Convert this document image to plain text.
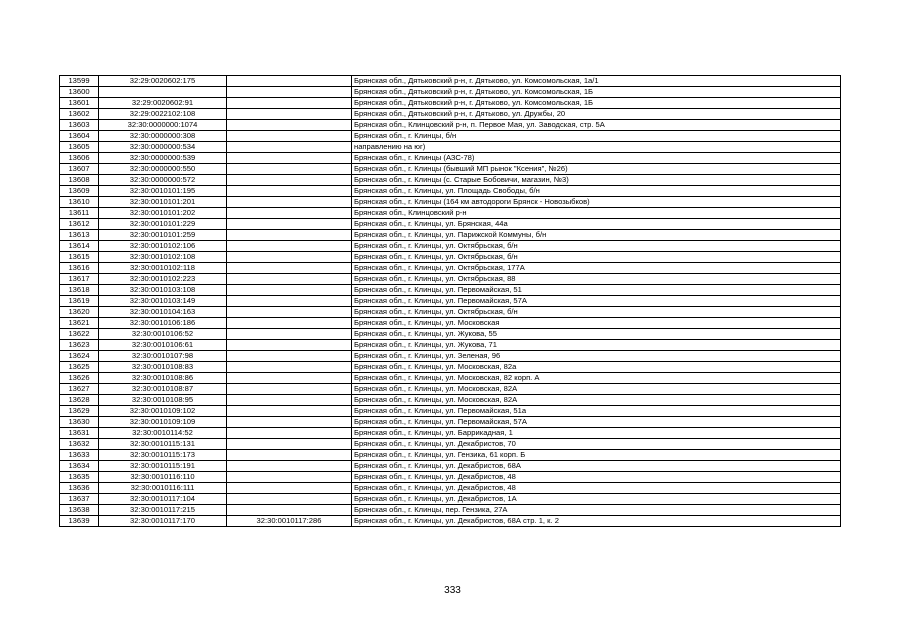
13599	32:29:0020602:175		Брянская обл., Дятьковский р-н, г. Дятьково, ул. Комсомольская, 1а/1
13600			Брянская обл., Дятьковский р-н, г. Дятьково, ул. Комсомольская, 1Б
13601	32:29:0020602:91		Брянская обл., Дятьковский р-н, г. Дятьково, ул. Комсомольская, 1Б
13602	32:29:0022102:108		Брянская обл., Дятьковский р-н, г. Дятьково, ул. Дружбы, 20
13603	32:30:0000000:1074		Брянская обл., Клинцовский р-н, п. Первое Мая, ул. Заводская, стр. 5А
13604	32:30:0000000:308		Брянская обл., г. Клинцы, б/н
13605	32:30:0000000:534		направлению на юг)
13606	32:30:0000000:539		Брянская обл., г. Клинцы (АЗС-78)
13607	32:30:0000000:550		Брянская обл., г. Клинцы (бывший МП рынок "Ксения", №26)
13608	32:30:0000000:572		Брянская обл., г. Клинцы (с. Старые Бобовичи, магазин, №3)
13609	32:30:0010101:195		Брянская обл., г. Клинцы, ул. Площадь Свободы, б/н
13610	32:30:0010101:201		Брянская обл., г. Клинцы (164 км автодороги Брянск - Новозыбков)
13611	32:30:0010101:202		Брянская обл., Клинцовский р-н
13612	32:30:0010101:229		Брянская обл., г. Клинцы, ул. Брянская, 44а
13613	32:30:0010101:259		Брянская обл., г. Клинцы, ул. Парижской Коммуны, б/н
13614	32:30:0010102:106		Брянская обл., г. Клинцы, ул. Октябрьская, б/н
13615	32:30:0010102:108		Брянская обл., г. Клинцы, ул. Октябрьская, б/н
13616	32:30:0010102:118		Брянская обл., г. Клинцы, ул. Октябрьская, 177А
13617	32:30:0010102:223		Брянская обл., г. Клинцы, ул. Октябрьская, 88
13618	32:30:0010103:108		Брянская обл., г. Клинцы, ул. Первомайская, 51
13619	32:30:0010103:149		Брянская обл., г. Клинцы, ул. Первомайская, 57А
13620	32:30:0010104:163		Брянская обл., г. Клинцы, ул. Октябрьская, б/н
13621	32:30:0010106:186		Брянская обл., г. Клинцы, ул. Московская
13622	32:30:0010106:52		Брянская обл., г. Клинцы, ул. Жукова, 55
13623	32:30:0010106:61		Брянская обл., г. Клинцы, ул. Жукова, 71
13624	32:30:0010107:98		Брянская обл., г. Клинцы, ул. Зеленая, 96
13625	32:30:0010108:83		Брянская обл., г. Клинцы, ул. Московская, 82а
13626	32:30:0010108:86		Брянская обл., г. Клинцы, ул. Московская, 82 корп. А
13627	32:30:0010108:87		Брянская обл., г. Клинцы, ул. Московская, 82А
13628	32:30:0010108:95		Брянская обл., г. Клинцы, ул. Московская, 82А
13629	32:30:0010109:102		Брянская обл., г. Клинцы, ул. Первомайская, 51а
13630	32:30:0010109:109		Брянская обл., г. Клинцы, ул. Первомайская, 57А
13631	32:30:0010114:52		Брянская обл., г. Клинцы, ул. Баррикадная, 1
13632	32:30:0010115:131		Брянская обл., г. Клинцы, ул. Декабристов, 70
13633	32:30:0010115:173		Брянская обл., г. Клинцы, ул. Гензика, 61 корп. Б
13634	32:30:0010115:191		Брянская обл., г. Клинцы, ул. Декабристов, 68А
13635	32:30:0010116:110		Брянская обл., г. Клинцы, ул. Декабристов, 48
13636	32:30:0010116:111		Брянская обл., г. Клинцы, ул. Декабристов, 48
13637	32:30:0010117:104		Брянская обл., г. Клинцы, ул. Декабристов, 1А
13638	32:30:0010117:215		Брянская обл., г. Клинцы, пер. Гензика, 27А
13639	32:30:0010117:170	32:30:0010117:286	Брянская обл., г. Клинцы, ул. Декабристов, 68А стр. 1, к. 2
333
